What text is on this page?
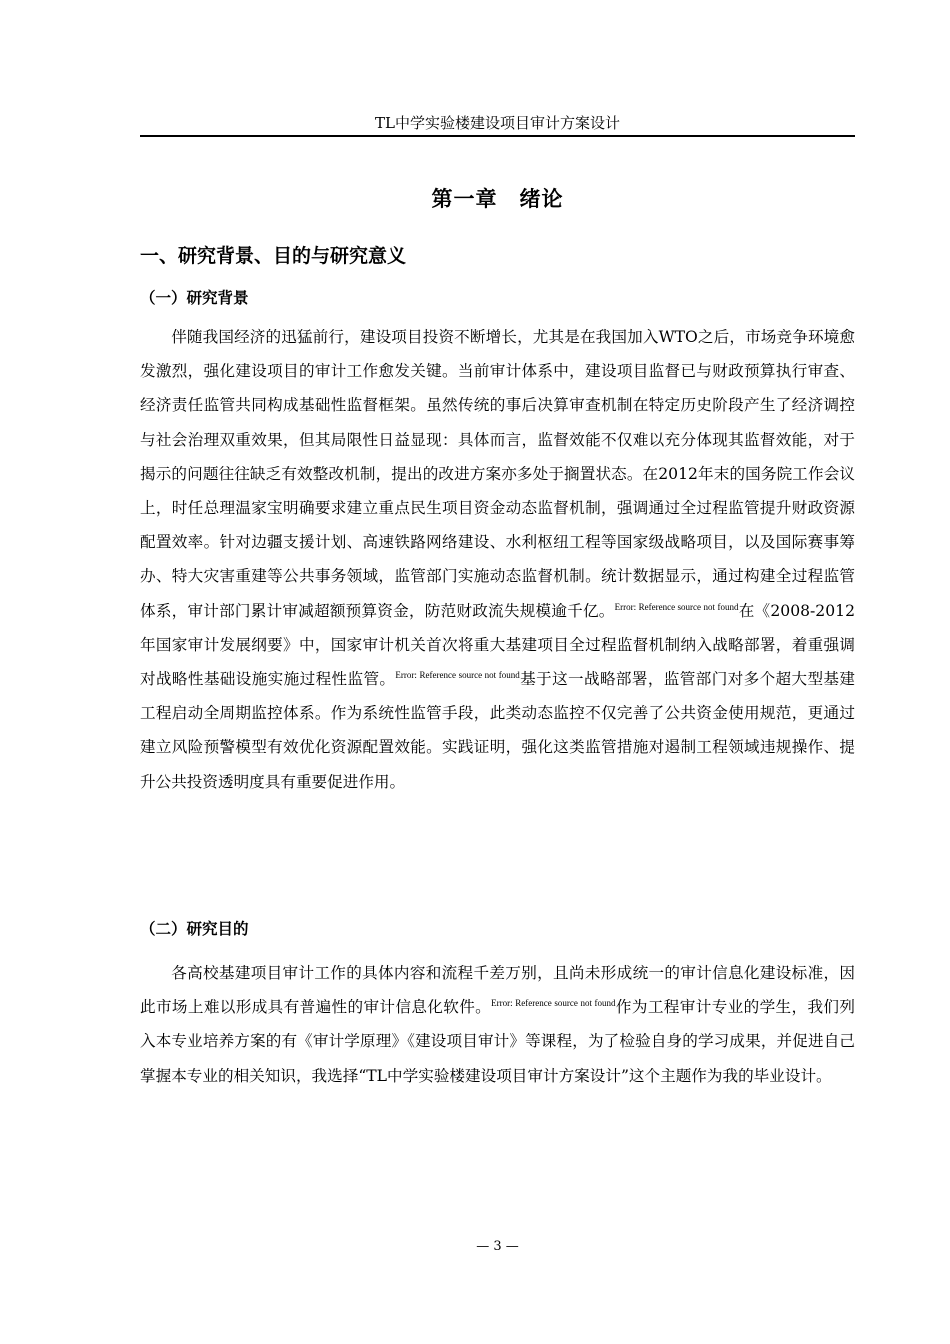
TL中学实验楼建设项目审计方案设计
第一章　绪论
一、研究背景、目的与研究意义
（一）研究背景

伴随我国经济的迅猛前行，建设项目投资不断增长，尤其是在我国加入WTO之后，市场竞争环境愈发激烈，强化建设项目的审计工作愈发关键。当前审计体系中，建设项目监督已与财政预算执行审查、经济责任监管共同构成基础性监督框架。虽然传统的事后决算审查机制在特定历史阶段产生了经济调控与社会治理双重效果，但其局限性日益显现：具体而言，监督效能不仅难以充分体现其监督效能，对于揭示的问题往往缺乏有效整改机制，提出的改进方案亦多处于搁置状态。在2012年末的国务院工作会议上，时任总理温家宝明确要求建立重点民生项目资金动态监督机制，强调通过全过程监管提升财政资源配置效率。针对边疆支援计划、高速铁路网络建设、水利枢纽工程等国家级战略项目，以及国际赛事筹办、特大灾害重建等公共事务领域，监管部门实施动态监督机制。统计数据显示，通过构建全过程监管体系，审计部门累计审减超额预算资金，防范财政流失规模逾千亿。$^{Error: Reference source not found}$在《2008-2012年国家审计发展纲要》中，国家审计机关首次将重大基建项目全过程监督机制纳入战略部署，着重强调对战略性基础设施实施过程性监管。$^{Error: Reference source not found}$基于这一战略部署，监管部门对多个超大型基建工程启动全周期监控体系。作为系统性监管手段，此类动态监控不仅完善了公共资金使用规范，更通过建立风险预警模型有效优化资源配置效能。实践证明，强化这类监管措施对遏制工程领域违规操作、提升公共投资透明度具有重要促进作用。

（二）研究目的

各高校基建项目审计工作的具体内容和流程千差万别，且尚未形成统一的审计信息化建设标准，因此市场上难以形成具有普遍性的审计信息化软件。$^{Error: Reference source not found}$作为工程审计专业的学生，我们列入本专业培养方案的有《审计学原理》《建设项目审计》等课程，为了检验自身的学习成果，并促进自己掌握本专业的相关知识，我选择“TL中学实验楼建设项目审计方案设计”这个主题作为我的毕业设计。

— 3 —
